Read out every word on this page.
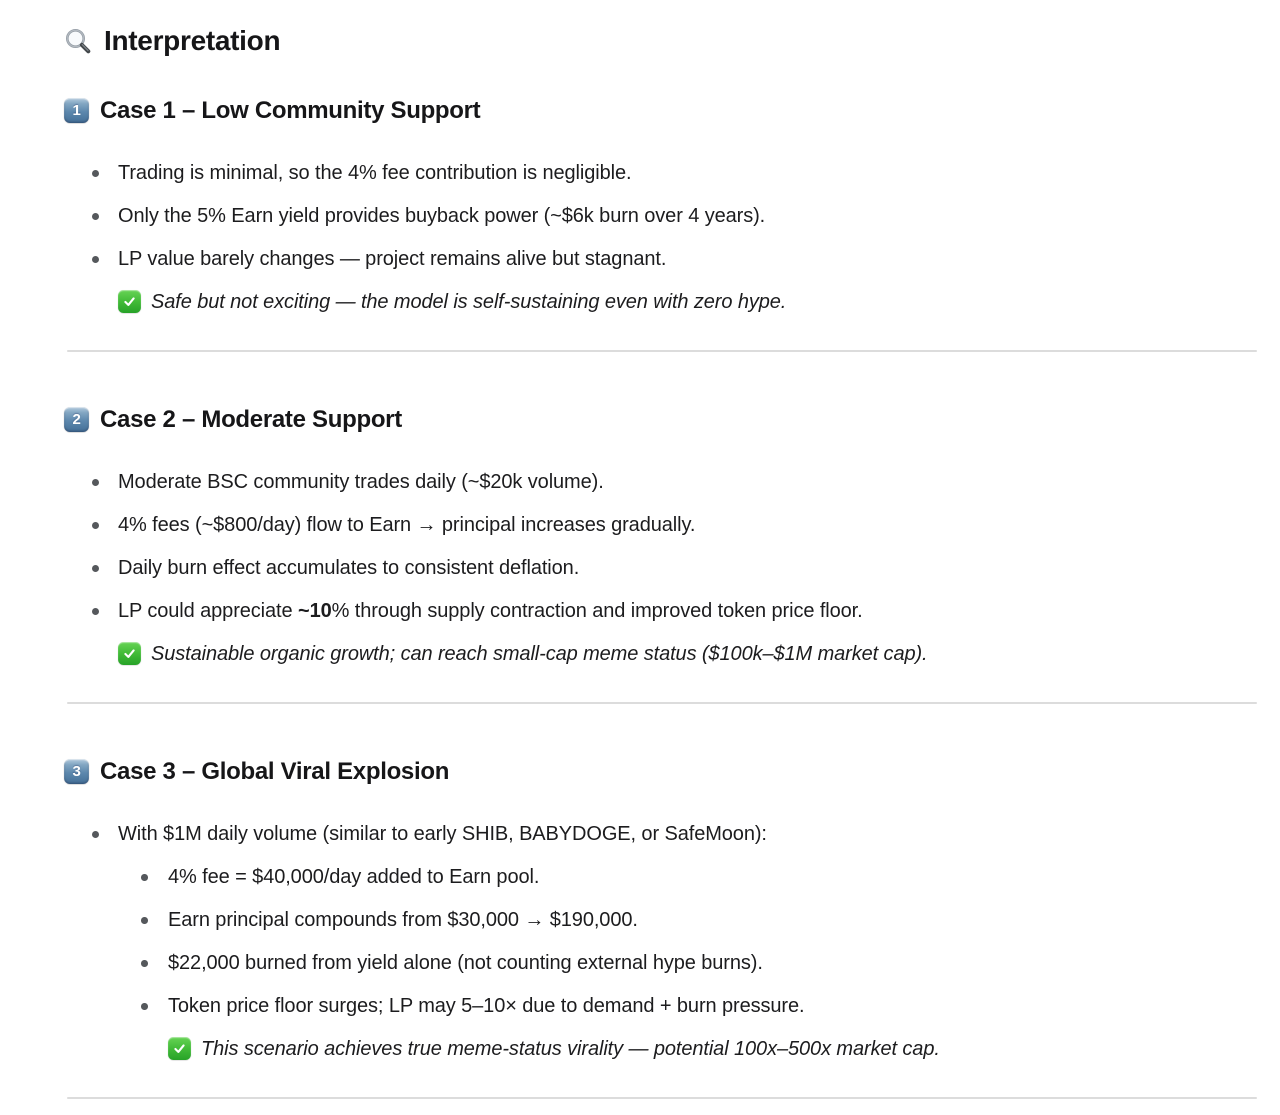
Interpretation
1 Case 1 – Low Community Support
Trading is minimal, so the 4% fee contribution is negligible.
Only the 5% Earn yield provides buyback power (~$6k burn over 4 years).
LP value barely changes — project remains alive but stagnant.

Safe but not exciting — the model is self-sustaining even with zero hype.

2 Case 2 – Moderate Support
Moderate BSC community trades daily (~$20k volume).
4% fees (~$800/day) flow to Earn → principal increases gradually.
Daily burn effect accumulates to consistent deflation.
LP could appreciate ~10% through supply contraction and improved token price floor.

Sustainable organic growth; can reach small-cap meme status ($100k–$1M market cap).

3 Case 3 – Global Viral Explosion
With $1M daily volume (similar to early SHIB, BABYDOGE, or SafeMoon):
4% fee = $40,000/day added to Earn pool.
Earn principal compounds from $30,000 → $190,000.
$22,000 burned from yield alone (not counting external hype burns).
Token price floor surges; LP may 5–10× due to demand + burn pressure.

This scenario achieves true meme-status virality — potential 100x–500x market cap.
